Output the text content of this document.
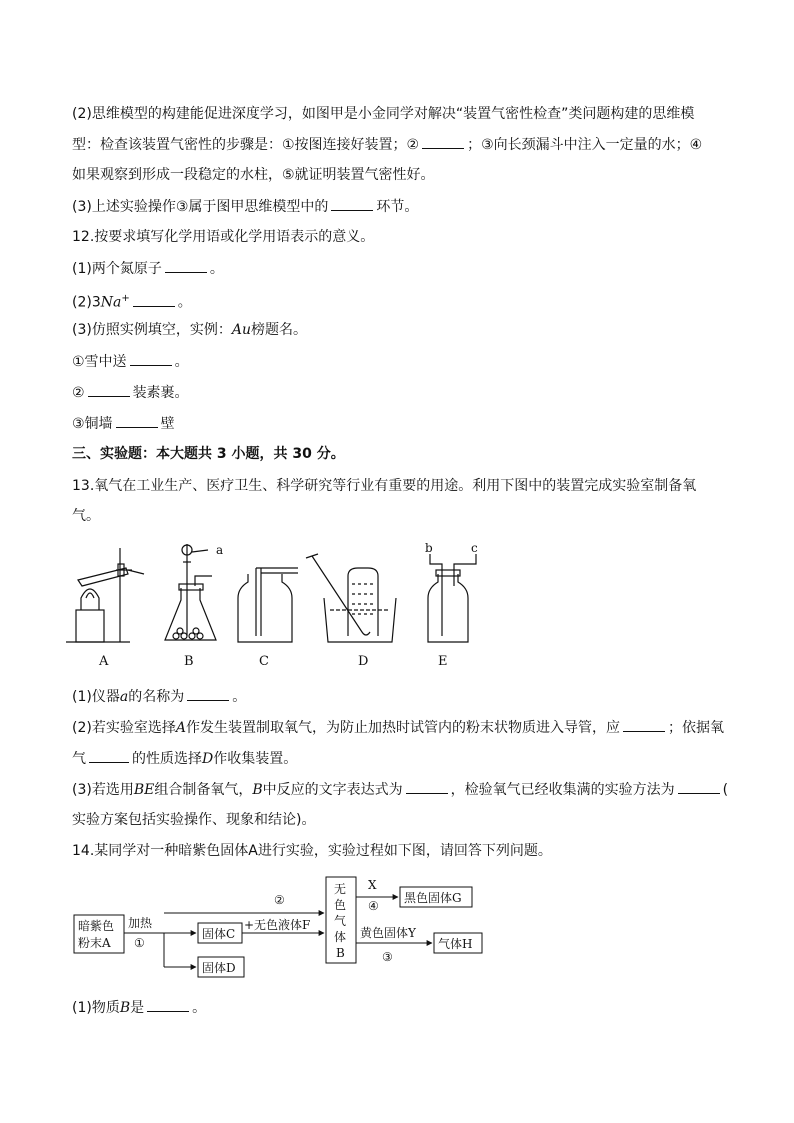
(2)思维模型的构建能促进深度学习，如图甲是小金同学对解决“装置气密性检查”类问题构建的思维模
型：检查该装置气密性的步骤是：①按图连接好装置；②	；③向长颈漏斗中注入一定量的水；④
如果观察到形成一段稳定的水柱，⑤就证明装置气密性好。
(3)上述实验操作③属于图甲思维模型中的	环节。
12.按要求填写化学用语或化学用语表示的意义。
(1)两个氮原子	。
(2)3Na+	。
(3)仿照实例填空，实例：Au榜题名。
①雪中送	。
②	装素裹。
③铜墙	壁
三、实验题：本大题共 3 小题，共 30 分。
13.氧气在工业生产、医疗卫生、科学研究等行业有重要的用途。利用下图中的装置完成实验室制备氧
气。
a	b	c
A	B	C	D	E
(1)仪器a的名称为	。
(2)若实验室选择A作发生装置制取氧气，为防止加热时试管内的粉末状物质进入导管，应	；依据氧
气	的性质选择D作收集装置。
(3)若选用BE组合制备氧气，B中反应的文字表达式为	，检验氧气已经收集满的实验方法为	(
实验方案包括实验操作、现象和结论)。
14.某同学对一种暗紫色固体A进行实验，实验过程如下图，请回答下列问题。
暗紫色
粉末A
加热
①
固体C
+无色液体F
固体D
②
无
色
气
体
B
X
④
黑色固体G
黄色固体Y
③
气体H
(1)物质B是	。
